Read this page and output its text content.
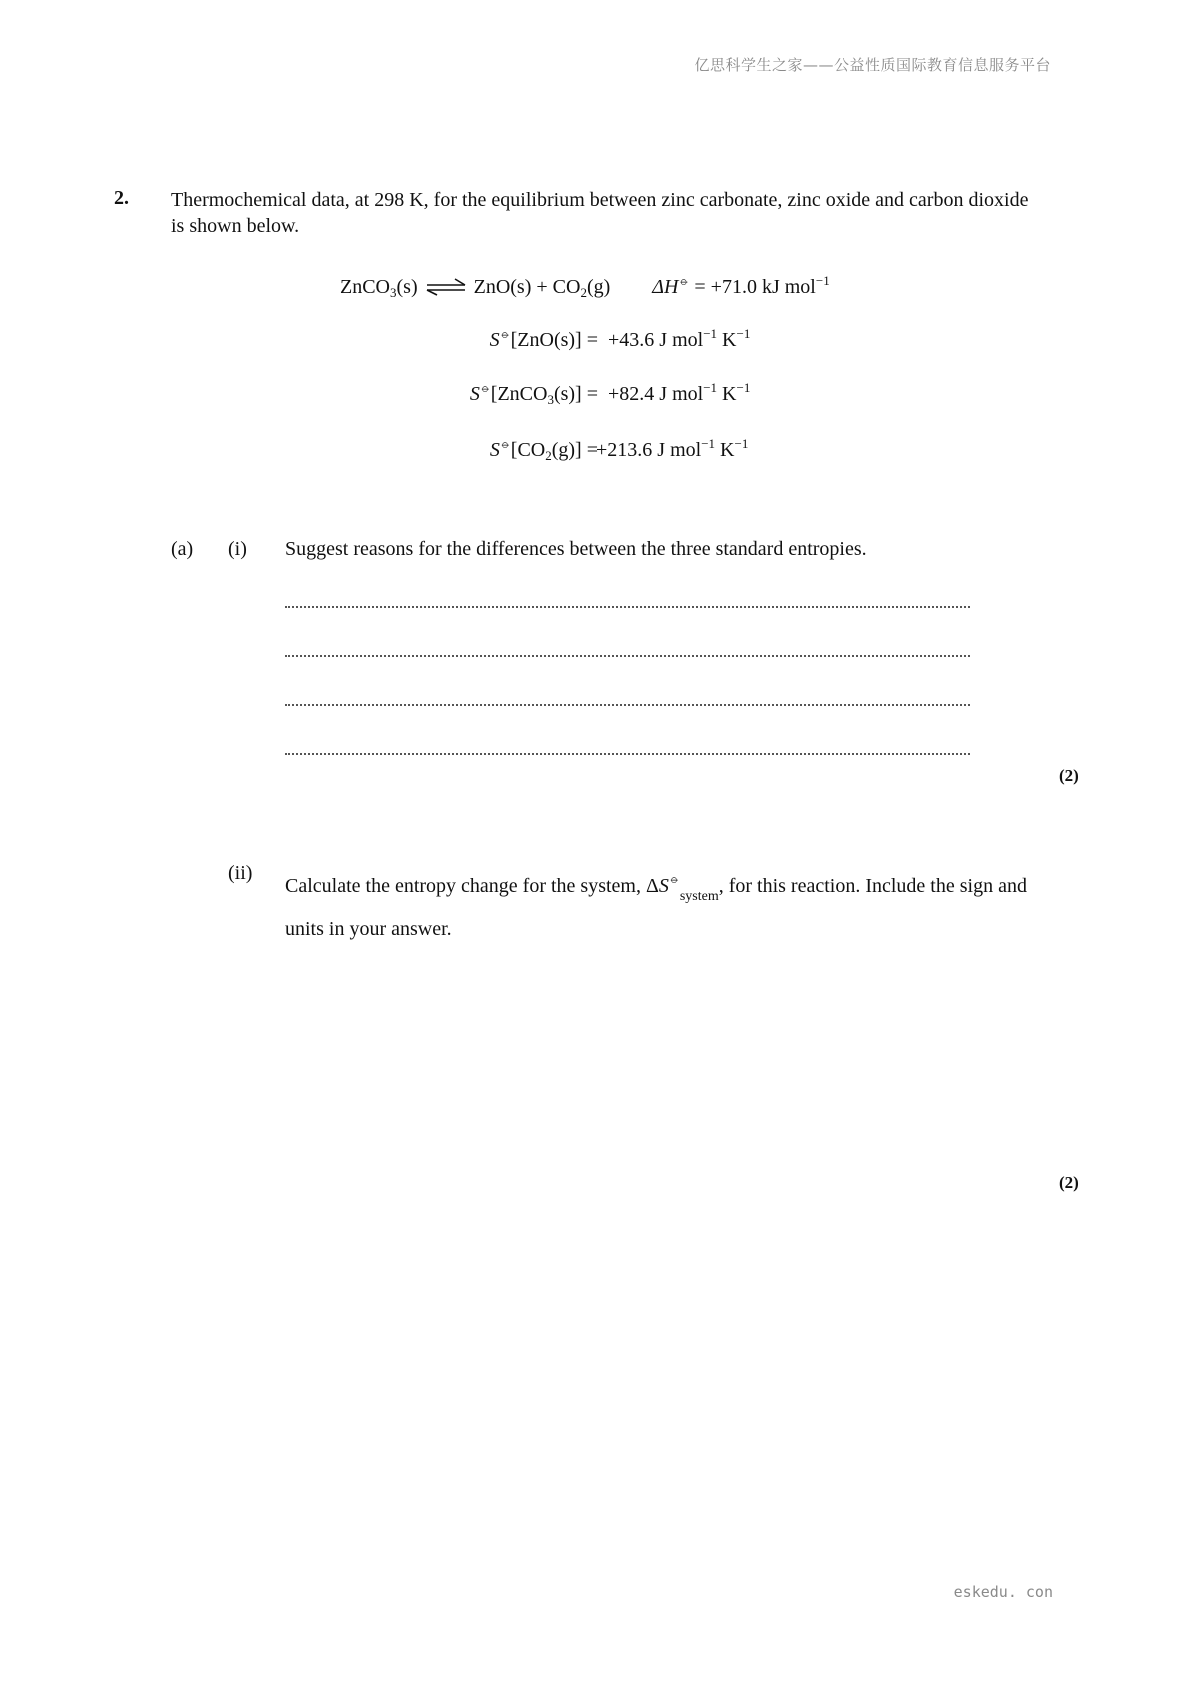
亿思科学生之家——公益性质国际教育信息服务平台
2. Thermochemical data, at 298 K, for the equilibrium between zinc carbonate, zinc oxide and carbon dioxide is shown below.
ZnCO$_3$(s) ⇌ $ZnO(s) + CO_2(g) \Delta H^⦵ = +71.0$ kJ mol$^{-1}$
S⦵[ZnO(s)] = +43.6 J mol$^{-1}$ $K^{-1}$
S⦵[ZnCO$_3$(s)] = +82.4 J mol$^{-1}$ $K^{-1}$
$S^⦵[CO_2(g)]$ =
+213.6 J mol$^{-1}$ $K^{-1}$
(a) (i) Suggest reasons for the differences between the three standard entropies.
(2)
(ii)
Calculate the entropy change for the system, $\Delta S^⦵_{system}$, for this reaction. Include the sign and units in your answer.
(2)
eskedu. con
